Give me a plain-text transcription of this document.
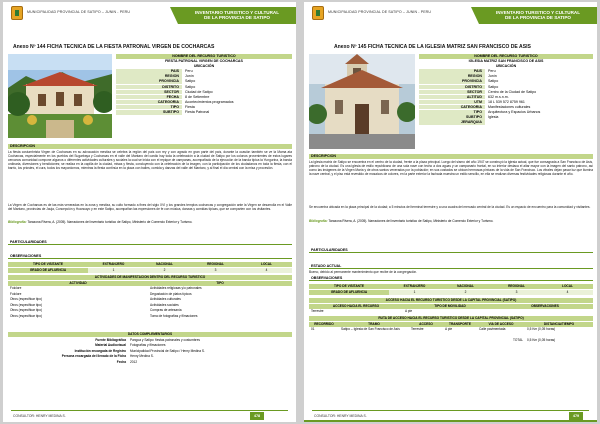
MUNICIPALIDAD PROVINCIAL DE SATIPO – JUNIN - PERU	INVENTARIO TURISTICO Y CULTURAL
DE LA PROVINCIA DE SATIPO
Anexo Nº 144 FICHA TECNICA DE LA FIESTA PATRONAL VIRGEN DE COCHARCAS
NOMBRE DEL RECURSO TURISTICO
FIESTA PATRONAL VIRGEN DE COCHARCAS
UBICACIÓN
PAIS	Peru
REGION	Junín
PROVINCIA	Satipo
DISTRITO	Satipo
SECTOR	Ciudad de Satipo
FECHA	8 de Setiembre
CATEGORIA	Acontecimientos programados
TIPO	Fiesta
SUBTIPO	Fiesta Patronal
DESCRIPCION
La fiesta costumbrista Virgen de Cocharcas en su advocación mestiza se celebra la región del país con rey y con agrado en gran parte del país, durante la ocasión también se ve la Mama ata Cocharcas, especialmente en los pueblos del Sugarbaya y Cocharcas en el valle del Mantaro del cardio hay toda la celebración a la ciudad de Satipo por los colonos provenientes de estos lugares cercanos comunidad compone algunos o diferentes actividades culturales y sociales la cual se inicia con el repique de campanas, acompañado de la ejecución de la banda típica la Yungurina, la banda ordinaria, diversiones y bendiciones; se realiza en la capilla de la ciudad, misas y fiesta, concluyendo con la celebración de la imagen, con la participación de los ciudadanos en toda la fiesta, con el barrio, los priostes, el cura, todos los mayordomos, mientras la fiesta continúa en la plaza con bailes, comida y danzas del valle del Mantaro, y al final el día central con la misa y procesión.
La Virgen de Cocharcas es de las más veneradas en la zona y mestiza, su culto formado a fines del siglo XVI y los grandes templos cocharcas y congregación ante la Virgen se desarrolla en el Valle del Mantaro, provincias de Jauja, Concepción y Huancayo y en este Satipo, acompañan las expresiones de fe con música, danzas y comidas típicas, que se comparten con los visitantes.
Bibliografía: Tarazona Rivera, A. (2005). Narraciones del inventario turístico de Satipo, Ministerio de Comercio Exterior y Turismo.
PARTICULARIDADES
OBSERVACIONES
TIPO DE VISITANTE	EXTRANJERO	NACIONAL	REGIONAL	LOCAL
GRADO DE AFLUENCIA	1	2	3	4
ACTIVIDADES DE MANIFESTACION DENTRO DEL RECURSO TURISTICO
ACTIVIDAD	TIPO
Folclore	Actividades religiosas y/o patronales
Folclore	Degustación de platos típicos
Otros (especificar tipo)	Actividades culturales
Otros (especificar tipo)	Actividades sociales
Otros (especificar tipo)	Compras de artesanía
Otros (especificar tipo)	Toma de fotografías y filmaciones
DATOS COMPLEMENTARIOS
Fuente Bibliográfica	Pangoa y Satipo: fiestas patronales y costumbres
Material Audiovisual	Fotografías y filmaciones
Institución encargada de Registro	Municipalidad Provincial de Satipo / Henry Medina S.
Persona encargada del llenado de la Ficha	Henry Medina S.
Fecha	2012
CONSULTOR: HENRY MEDINA S.	478
MUNICIPALIDAD PROVINCIAL DE SATIPO – JUNIN - PERU	INVENTARIO TURISTICO Y CULTURAL
DE LA PROVINCIA DE SATIPO
Anexo Nº 145 FICHA TECNICA DE LA IGLESIA MATRIZ SAN FRANCISCO DE ASIS
NOMBRE DEL RECURSO TURISTICO
IGLESIA MATRIZ SAN FRANCISCO DE ASIS
UBICACIÓN
PAIS	Peru
REGION	Junín
PROVINCIA	Satipo
DISTRITO	Satipo
SECTOR	Centro de la Ciudad de Satipo
ALTITUD	632 m.s.n.m.
UTM	18 L 539 572 8759 961
CATEGORIA	Manifestaciones culturales
TIPO	Arquitectura y Espacios Urbanos
SUBTIPO	Iglesia
JERARQUIA
DESCRIPCION
La iglesia matriz de Satipo se encuentra en el centro de la ciudad, frente a la plaza principal. Luego del sismo del año 1947 se construyó la iglesia actual, que fue consagrada a San Francisco de Asís, patrono de la ciudad. Es una iglesia de estilo republicano de una sola nave con techo a dos aguas y un campanario frontal, en su interior destaca el altar mayor con la imagen del santo patrono, así como las imágenes de la Virgen María y de otros santos venerados por la población; en sus costados se ubican hermosas pinturas de la vida de San Francisco. Los vitrales dejan pasar luz que ilumina la nave central, y el piso está revestido de mosaicos de colores, en la parte exterior la fachada muestra un estilo sencillo, en ella se realizan diversas festividades religiosas durante el año.
Se encuentra ubicada en la plaza principal de la ciudad; a 5 minutos del terminal terrestre y a una cuadra del mercado central de la ciudad. Es un espacio de encuentro para la comunidad y visitantes.
Bibliografía: Tarazona Rivera, A. (2005). Narraciones del inventario turístico de Satipo, Ministerio de Comercio Exterior y Turismo.
PARTICULARIDADES
ESTADO ACTUAL
Bueno, debido al permanente mantenimiento que recibe de la congregación.
OBSERVACIONES
TIPO DE VISITANTE	EXTRANJERO	NACIONAL	REGIONAL	LOCAL
GRADO DE AFLUENCIA	1	2	3	4
ACCESO HACIA EL RECURSO TURISTICO DESDE LA CAPITAL PROVINCIAL (SATIPO)
ACCESO HACIA EL RECURSO	TIPO DE MOVILIDAD	OBSERVACIONES
Terrestre	A pie
RUTA DE ACCESO HACIA EL RECURSO TURISTICO DESDE LA CAPITAL PROVINCIAL (SATIPO)
RECORRIDO	TRAMO	ACCESO	TRANSPORTE	VIA DE ACCESO	DISTANCIA/TIEMPO
01	Satipo – Iglesia de San Francisco de Asís	Terrestre	A pie	Calle pavimentada	0,5 Km (0,05 horas)
TOTAL	0,5 Km (0,05 horas)
CONSULTOR: HENRY MEDINA S.	479
